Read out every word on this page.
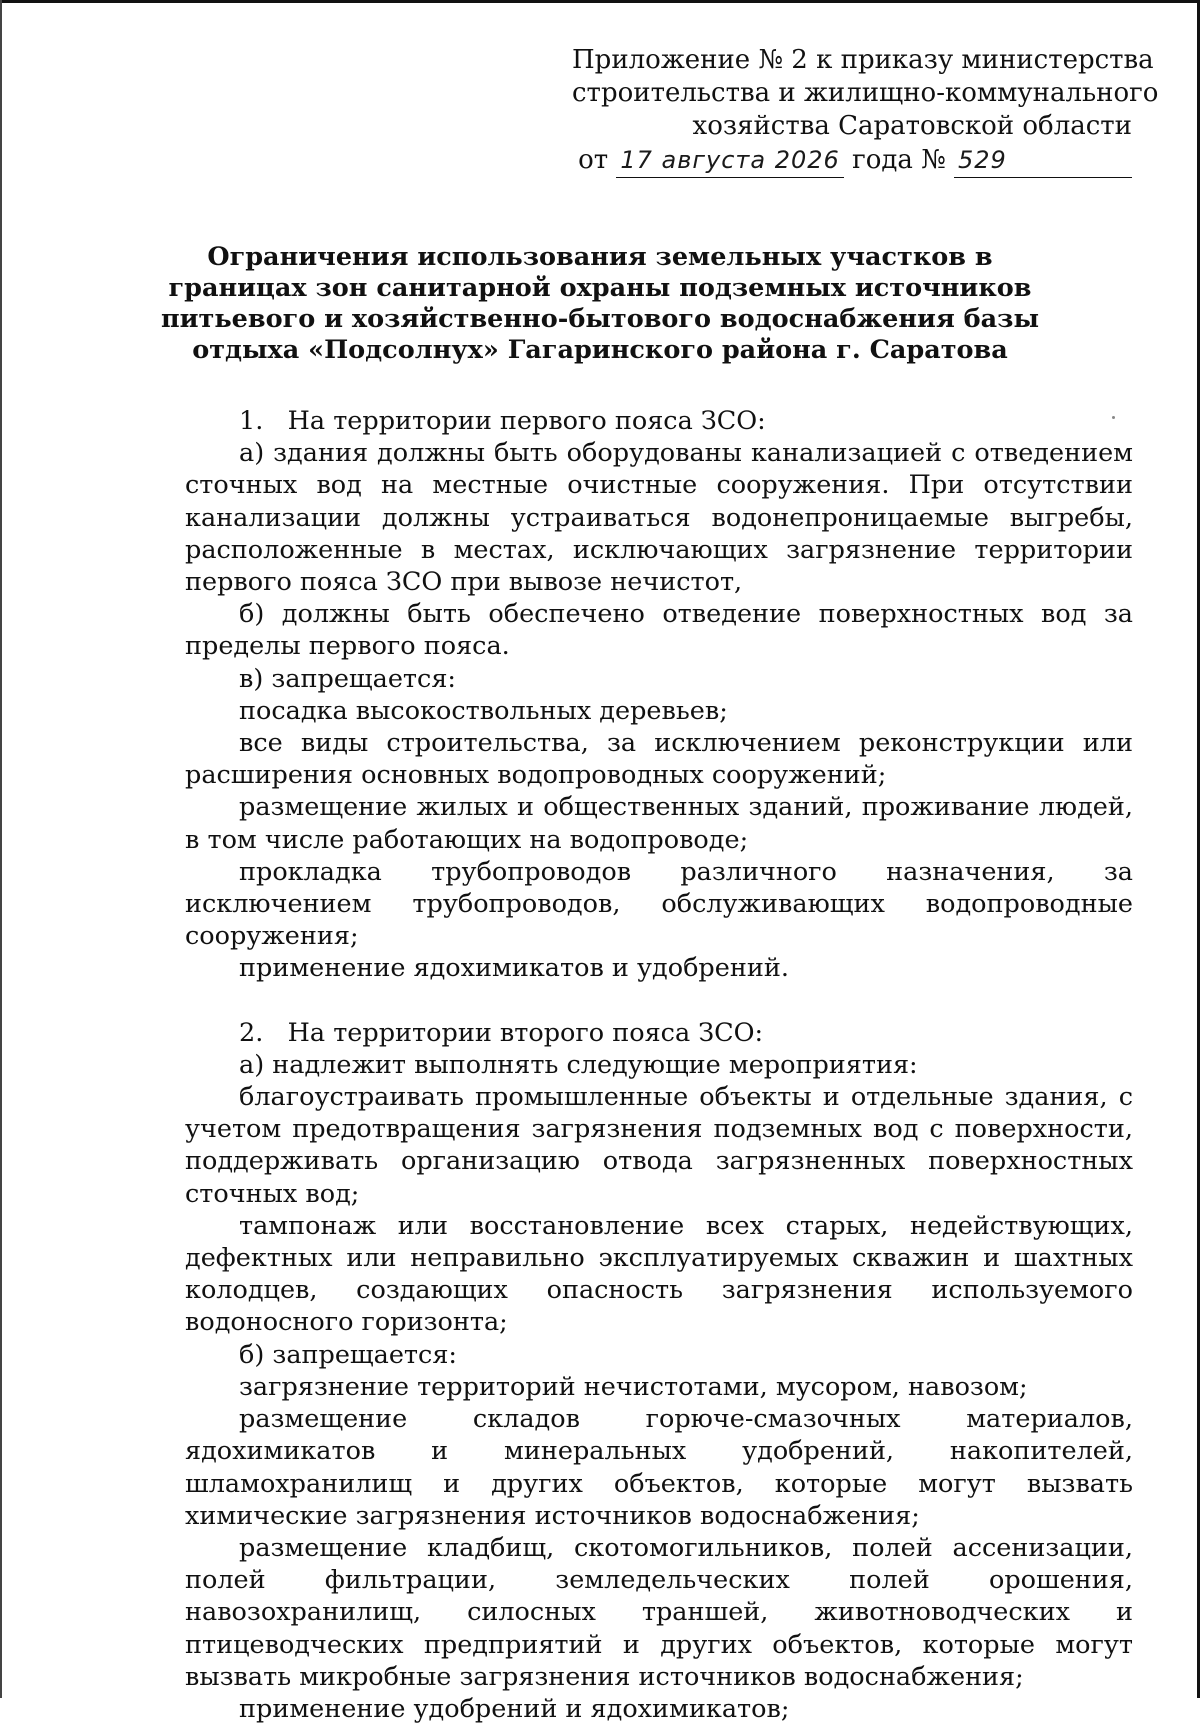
Приложение № 2 к приказу министерства
строительства и жилищно-коммунального
хозяйства Саратовской области
от 17 августа 2026 года № 529
Ограничения использования земельных участков в границах зон санитарной охраны подземных источников питьевого и хозяйственно-бытового водоснабжения базы отдыха «Подсолнух» Гагаринского района г. Саратова

1.   На территории первого пояса ЗСО:

а) здания должны быть оборудованы канализацией с отведением сточных вод на местные очистные сооружения. При отсутствии канализации должны устраиваться водонепроницаемые выгребы, расположенные в местах, исключающих загрязнение территории первого пояса ЗСО при вывозе нечистот,

б) должны быть обеспечено отведение поверхностных вод за пределы первого пояса.

в) запрещается:

посадка высокоствольных деревьев;

все виды строительства, за исключением реконструкции или расширения основных водопроводных сооружений;

размещение жилых и общественных зданий, проживание людей, в том числе работающих на водопроводе;

прокладка трубопроводов различного назначения, за исключением трубопроводов, обслуживающих водопроводные сооружения;

применение ядохимикатов и удобрений.

2.   На территории второго пояса ЗСО:

а) надлежит выполнять следующие мероприятия:

благоустраивать промышленные объекты и отдельные здания, с учетом предотвращения загрязнения подземных вод с поверхности, поддерживать организацию отвода загрязненных поверхностных сточных вод;

тампонаж или восстановление всех старых, недействующих, дефектных или неправильно эксплуатируемых скважин и шахтных колодцев, создающих опасность загрязнения используемого водоносного горизонта;

б) запрещается:

загрязнение территорий нечистотами, мусором, навозом;

размещение складов горюче-смазочных материалов, ядохимикатов и минеральных удобрений, накопителей, шламохранилищ и других объектов, которые могут вызвать химические загрязнения источников водоснабжения;

размещение кладбищ, скотомогильников, полей ассенизации, полей фильтрации, земледельческих полей орошения, навозохранилищ, силосных траншей, животноводческих и птицеводческих предприятий и других объектов, которые могут вызвать микробные загрязнения источников водоснабжения;

применение удобрений и ядохимикатов;
